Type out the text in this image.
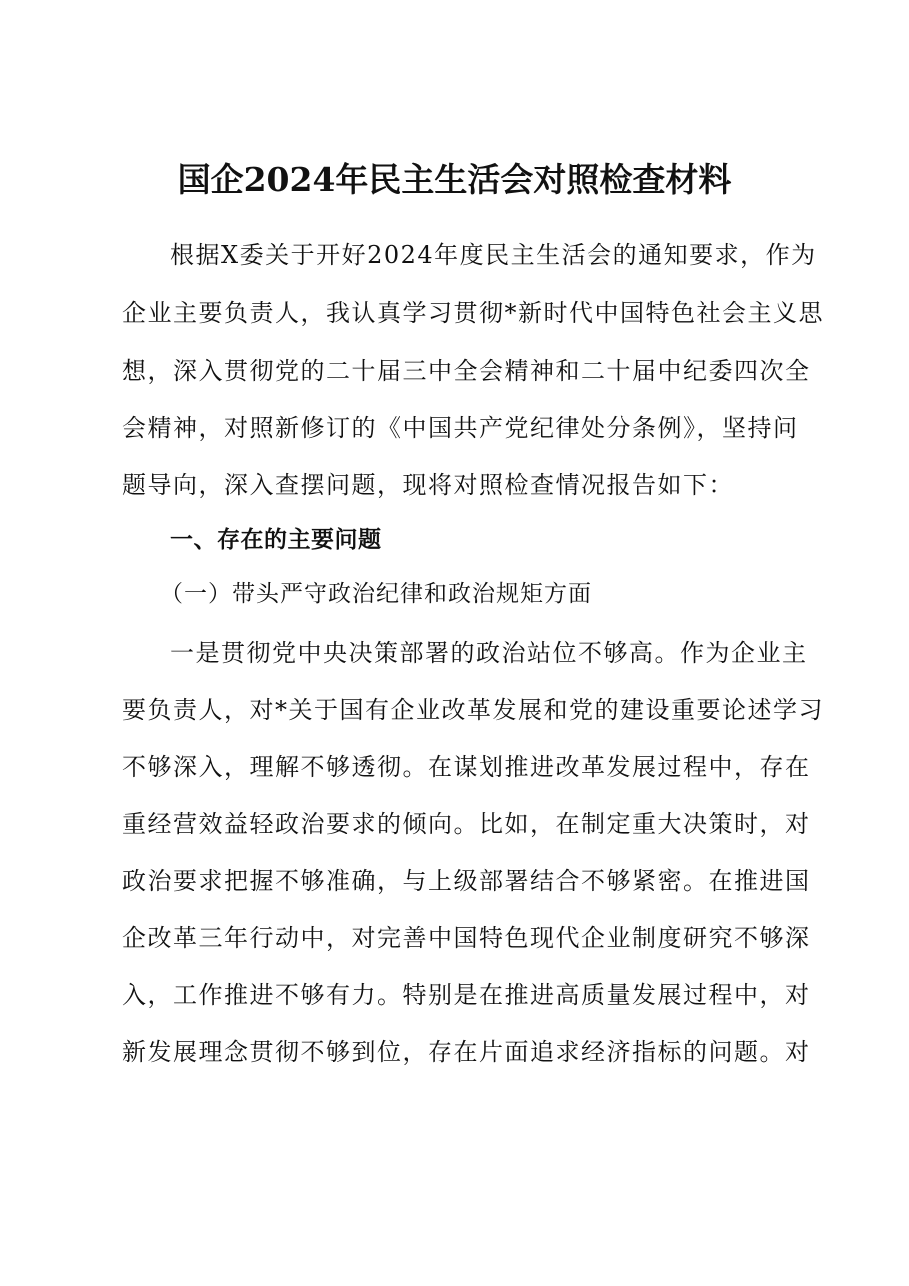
国企2024年民主生活会对照检查材料
根据X委关于开好2024年度民主生活会的通知要求，作为
企业主要负责人，我认真学习贯彻*新时代中国特色社会主义思
想，深入贯彻党的二十届三中全会精神和二十届中纪委四次全
会精神，对照新修订的《中国共产党纪律处分条例》，坚持问
题导向，深入查摆问题，现将对照检查情况报告如下：
一、存在的主要问题
（一）带头严守政治纪律和政治规矩方面
一是贯彻党中央决策部署的政治站位不够高。作为企业主
要负责人，对*关于国有企业改革发展和党的建设重要论述学习
不够深入，理解不够透彻。在谋划推进改革发展过程中，存在
重经营效益轻政治要求的倾向。比如，在制定重大决策时，对
政治要求把握不够准确，与上级部署结合不够紧密。在推进国
企改革三年行动中，对完善中国特色现代企业制度研究不够深
入，工作推进不够有力。特别是在推进高质量发展过程中，对
新发展理念贯彻不够到位，存在片面追求经济指标的问题。对
